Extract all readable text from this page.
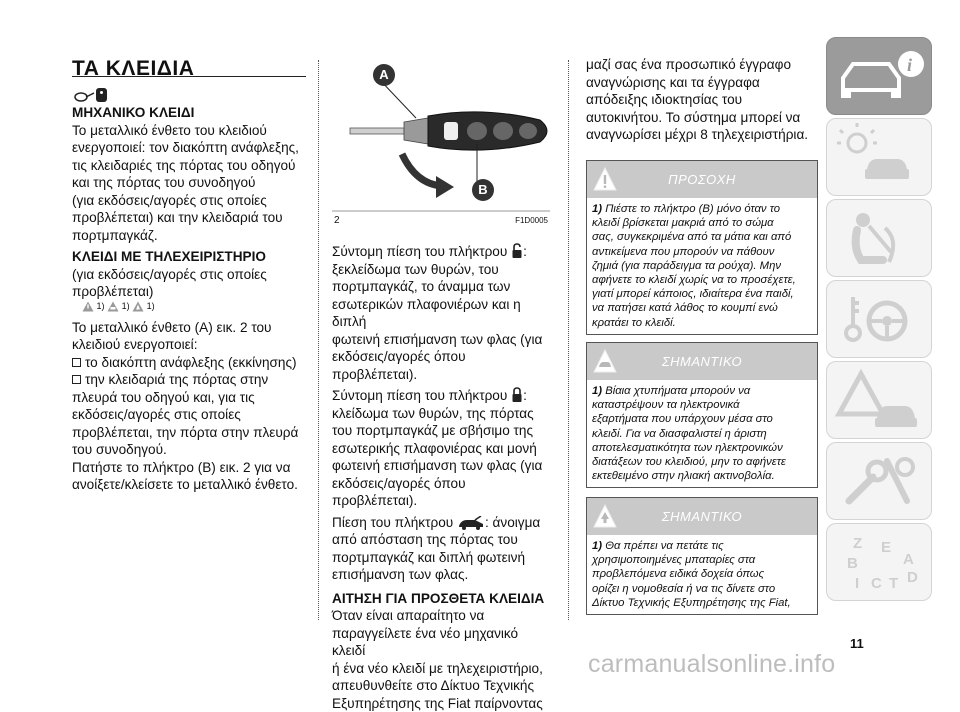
ΤΑ ΚΛΕΙΔΙΑ
ΜΗΧΑΝΙΚΟ ΚΛΕΙΔΙ
Το μεταλλικό ένθετο του κλειδιού
ενεργοποιεί: τον διακόπτη ανάφλεξης,
τις κλειδαριές της πόρτας του οδηγού
και της πόρτας του συνοδηγού
(για εκδόσεις/αγορές στις οποίες
προβλέπεται) και την κλειδαριά του
πορτμπαγκάζ.
ΚΛΕΙΔΙ ΜΕ ΤΗΛΕΧΕΙΡΙΣΤΗΡΙΟ
(για εκδόσεις/αγορές στις οποίες
προβλέπεται)
1) 1) 1)
Το μεταλλικό ένθετο (A) εικ. 2 του
κλειδιού ενεργοποιεί:
το διακόπτη ανάφλεξης (εκκίνησης)
την κλειδαριά της πόρτας στην
πλευρά του οδηγού και, για τις
εκδόσεις/αγορές στις οποίες
προβλέπεται, την πόρτα στην πλευρά
του συνοδηγού.
Πατήστε το πλήκτρο (B) εικ. 2 για να
ανοίξετε/κλείσετε το μεταλλικό ένθετο.
A
B
2	F1D0005
Σύντομη πίεση του πλήκτρου :
ξεκλείδωμα των θυρών, του
πορτμπαγκάζ, το άναμμα των
εσωτερικών πλαφονιέρων και η διπλή
φωτεινή επισήμανση των φλας (για
εκδόσεις/αγορές όπου προβλέπεται).
Σύντομη πίεση του πλήκτρου :
κλείδωμα των θυρών, της πόρτας
του πορτμπαγκάζ με σβήσιμο της
εσωτερικής πλαφονιέρας και μονή
φωτεινή επισήμανση των φλας (για
εκδόσεις/αγορές όπου προβλέπεται).
Πίεση του πλήκτρου : άνοιγμα
από απόσταση της πόρτας του
πορτμπαγκάζ και διπλή φωτεινή
επισήμανση των φλας.
ΑΙΤΗΣΗ ΓΙΑ ΠΡΟΣΘΕΤΑ ΚΛΕΙΔΙΑ
Όταν είναι απαραίτητο να
παραγγείλετε ένα νέο μηχανικό κλειδί
ή ένα νέο κλειδί με τηλεχειριστήριο,
απευθυνθείτε στο Δίκτυο Τεχνικής
Εξυπηρέτησης της Fiat παίρνοντας
μαζί σας ένα προσωπικό έγγραφο
αναγνώρισης και τα έγγραφα
απόδειξης ιδιοκτησίας του
αυτοκινήτου. Το σύστημα μπορεί να
αναγνωρίσει μέχρι 8 τηλεχειριστήρια.
ΠΡΟΣΟΧΗ
1) Πιέστε το πλήκτρο (B) μόνο όταν το
κλειδί βρίσκεται μακριά από το σώμα
σας, συγκεκριμένα από τα μάτια και από
αντικείμενα που μπορούν να πάθουν
ζημιά (για παράδειγμα τα ρούχα). Μην
αφήνετε το κλειδί χωρίς να το προσέχετε,
γιατί μπορεί κάποιος, ιδιαίτερα ένα παιδί,
να πατήσει κατά λάθος το κουμπί ενώ
κρατάει το κλειδί.
ΣΗΜΑΝΤΙΚΟ
1) Βίαια χτυπήματα μπορούν να
καταστρέψουν τα ηλεκτρονικά
εξαρτήματα που υπάρχουν μέσα στο
κλειδί. Για να διασφαλιστεί η άριστη
αποτελεσματικότητα των ηλεκτρονικών
διατάξεων του κλειδιού, μην το αφήνετε
εκτεθειμένο στην ηλιακή ακτινοβολία.
ΣΗΜΑΝΤΙΚΟ
1) Θα πρέπει να πετάτε τις
χρησιμοποιημένες μπαταρίες στα
προβλεπόμενα ειδικά δοχεία όπως
ορίζει η νομοθεσία ή να τις δίνετε στο
Δίκτυο Τεχνικής Εξυπηρέτησης της Fiat,
i
Z E
A
B
D
I C T
11
carmanualsonline.info
